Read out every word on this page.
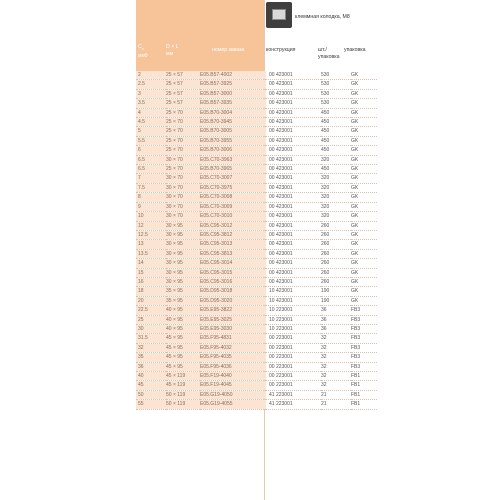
$С_н$
мкФ
D × L
мм
номер заказа
клеммная колодка, М8
конструкция	шт./
упаковка
упаковка
2	25 × 57	E05.B57-4002	00 423001	530	GK
2.5	25 × 57	E05.B57-3925	00 423001	530	GK
3	25 × 57	E05.B57-3000	00 423001	530	GK
3.5	25 × 57	E05.B57-3935	00 423001	530	GK
4	25 × 70	E05.B70-3004	00 423001	450	GK
4.5	25 × 70	E05.B70-3945	00 423001	450	GK
5	25 × 70	E05.B70-3005	00 423001	450	GK
5.5	25 × 70	E05.B70-3955	00 423001	450	GK
6	25 × 70	E05.B70-3006	00 423001	450	GK
6.5	30 × 70	E05.C70-3963	00 423001	320	GK
6.5	25 × 70	E05.B70-3965	00 423001	450	GK
7	30 × 70	E05.C70-3007	00 423001	320	GK
7.5	30 × 70	E05.C70-3975	00 423001	320	GK
8	30 × 70	E05.C70-3008	00 423001	320	GK
9	30 × 70	E05.C70-3009	00 423001	320	GK
10	30 × 70	E05.C70-3010	00 423001	320	GK
12	30 × 95	E05.C95-3012	00 423001	260	GK
12.5	30 × 95	E05.C95-3812	00 423001	260	GK
13	30 × 95	E05.C95-3013	00 423001	260	GK
13.5	30 × 95	E05.C95-3813	00 423001	260	GK
14	30 × 95	E05.C95-3014	00 423001	260	GK
15	30 × 95	E05.C95-3015	00 423001	260	GK
16	30 × 95	E05.C95-3016	00 423001	260	GK
18	35 × 95	E05.D95-3018	10 423001	190	GK
20	35 × 95	E05.D95-3020	10 423001	190	GK
22.5	40 × 95	E05.E95-3822	10 223001	36	FB3
25	40 × 95	E05.E95-3025	10 223001	36	FB3
30	40 × 95	E05.E95-3030	10 223001	36	FB3
31.5	45 × 95	E05.F95-4831	00 223001	32	FB3
32	45 × 95	E05.F95-4032	00 223001	32	FB3
35	45 × 95	E05.F95-4035	00 223001	32	FB3
36	45 × 95	E05.F95-4036	00 223001	32	FB3
40	45 × 119	E05.F19-4040	00 223001	32	FB1
45	45 × 119	E05.F19-4045	00 223001	32	FB1
50	50 × 119	E05.G19-4050	41 223001	21	FB1
55	50 × 119	E05.G19-4055	41 223001	21	FB1
